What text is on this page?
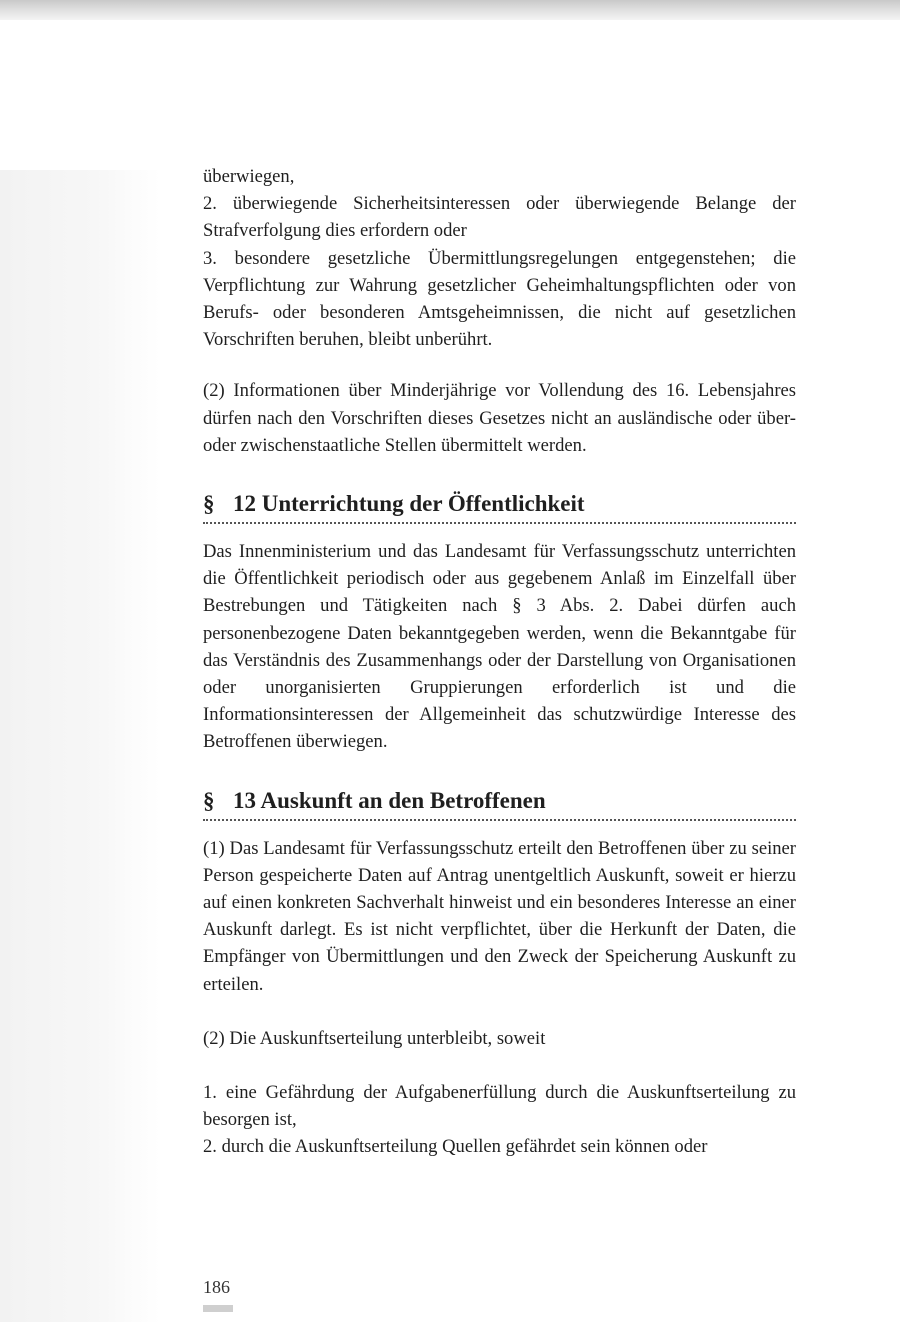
überwiegen,

2. überwiegende Sicherheitsinteressen oder überwiegende Belange der Strafverfolgung dies erfordern oder

3. besondere gesetzliche Übermittlungsregelungen entgegenstehen; die Verpflichtung zur Wahrung gesetzlicher Geheimhaltungspflichten oder von Berufs- oder besonderen Amtsgeheimnissen, die nicht auf gesetzlichen Vorschriften beruhen, bleibt unberührt.

(2) Informationen über Minderjährige vor Vollendung des 16. Lebensjahres dürfen nach den Vorschriften dieses Gesetzes nicht an ausländische oder über- oder zwischenstaatliche Stellen übermittelt werden.

§ 12 Unterrichtung der Öffentlichkeit

Das Innenministerium und das Landesamt für Verfassungsschutz unterrichten die Öffentlichkeit periodisch oder aus gegebenem Anlaß im Einzelfall über Bestrebungen und Tätigkeiten nach § 3 Abs. 2. Dabei dürfen auch personenbezogene Daten bekanntgegeben werden, wenn die Bekanntgabe für das Verständnis des Zusammenhangs oder der Darstellung von Organisationen oder unorganisierten Gruppierungen erforderlich ist und die Informationsinteressen der Allgemeinheit das schutzwürdige Interesse des Betroffenen überwiegen.

§ 13 Auskunft an den Betroffenen

(1) Das Landesamt für Verfassungsschutz erteilt den Betroffenen über zu seiner Person gespeicherte Daten auf Antrag unentgeltlich Auskunft, soweit er hierzu auf einen konkreten Sachverhalt hinweist und ein besonderes Interesse an einer Auskunft darlegt. Es ist nicht verpflichtet, über die Herkunft der Daten, die Empfänger von Übermittlungen und den Zweck der Speicherung Auskunft zu erteilen.

(2) Die Auskunftserteilung unterbleibt, soweit

1. eine Gefährdung der Aufgabenerfüllung durch die Auskunftserteilung zu besorgen ist,

2. durch die Auskunftserteilung Quellen gefährdet sein können oder

186
